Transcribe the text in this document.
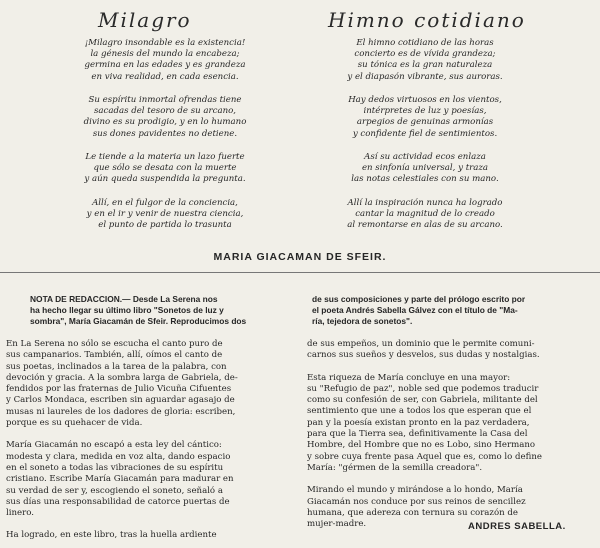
Milagro	Himno cotidiano
¡Milagro insondable es la existencia!
la génesis del mundo la encabeza;
germina en las edades y es grandeza
en viva realidad, en cada esencia.
Su espíritu inmortal ofrendas tiene
sacadas del tesoro de su arcano,
divino es su prodigio, y en lo humano
sus dones pavidentes no detiene.
Le tiende a la materia un lazo fuerte
que sólo se desata con la muerte
y aún queda suspendida la pregunta.
Allí, en el fulgor de la conciencia,
y en el ir y venir de nuestra ciencia,
el punto de partida lo trasunta
El himno cotidiano de las horas
concierto es de vívida grandeza;
su tónica es la gran naturaleza
y el diapasón vibrante, sus auroras.
Hay dedos virtuosos en los vientos,
intérpretes de luz y poesías,
arpegios de genuinas armonías
y confidente fiel de sentimientos.
Así su actividad ecos enlaza
en sinfonía universal, y traza
las notas celestiales con su mano.
Allí la inspiración nunca ha logrado
cantar la magnitud de lo creado
al remontarse en alas de su arcano.
MARIA GIACAMAN DE SFEIR.
NOTA DE REDACCION.— Desde La Serena nos
ha hecho llegar su último libro "Sonetos de luz y
sombra", María Giacamán de Sfeir. Reproducimos dos
de sus composiciones y parte del prólogo escrito por
el poeta Andrés Sabella Gálvez con el título de "Ma-
ría, tejedora de sonetos".
En La Serena no sólo se escucha el canto puro de
sus campanarios. También, allí, oímos el canto de
sus poetas, inclinados a la tarea de la palabra, con
devoción y gracia. A la sombra larga de Gabriela, de-
fendidos por las fraternas de Julio Vicuña Cifuentes
y Carlos Mondaca, escriben sin aguardar agasajo de
musas ni laureles de los dadores de gloria: escriben,
porque es su quehacer de vida.
María Giacamán no escapó a esta ley del cántico:
modesta y clara, medida en voz alta, dando espacio
en el soneto a todas las vibraciones de su espíritu
cristiano. Escribe María Giacamán para madurar en
su verdad de ser y, escogiendo el soneto, señaló a
sus días una responsabilidad de catorce puertas de
linero.
Ha logrado, en este libro, tras la huella ardiente
de sus empeños, un dominio que le permite comuni-
carnos sus sueños y desvelos, sus dudas y nostalgias.
Esta riqueza de María concluye en una mayor:
su "Refugio de paz", noble sed que podemos traducir
como su confesión de ser, con Gabriela, militante del
sentimiento que une a todos los que esperan que el
pan y la poesía existan pronto en la paz verdadera,
para que la Tierra sea, definitivamente la Casa del
Hombre, del Hombre que no es Lobo, sino Hermano
y sobre cuya frente pasa Aquel que es, como lo define
María: "gérmen de la semilla creadora".
Mirando el mundo y mirándose a lo hondo, María
Giacamán nos conduce por sus reinos de sencillez
humana, que adereza con ternura su corazón de
mujer-madre.	ANDRES SABELLA.
